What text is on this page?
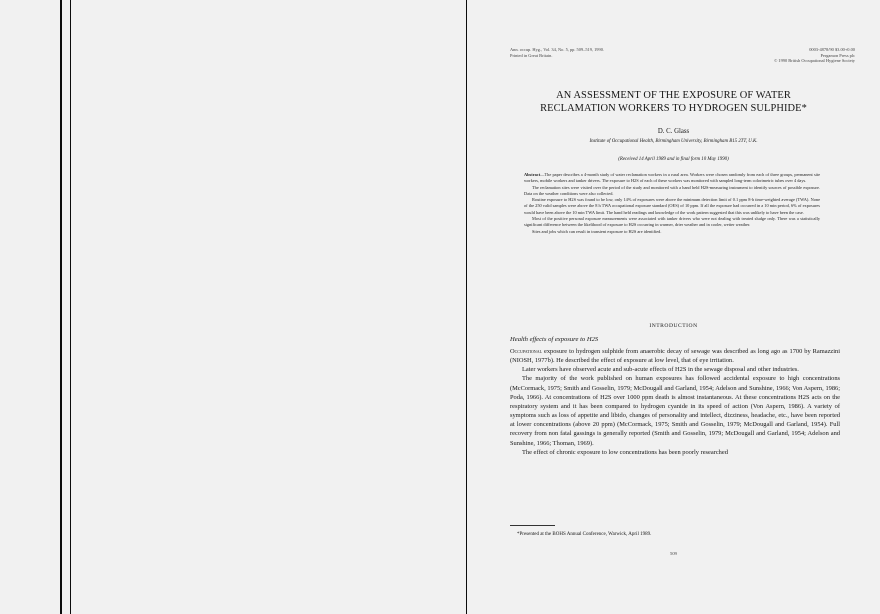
Ann. occup. Hyg., Vol. 34, No. 5, pp. 509–519, 1990.
Printed in Great Britain.
0003-4878/90 $3.00+0.00
Pergamon Press plc
© 1990 British Occupational Hygiene Society
AN ASSESSMENT OF THE EXPOSURE OF WATER
RECLAMATION WORKERS TO HYDROGEN SULPHIDE*
D. C. Glass
Institute of Occupational Health, Birmingham University, Birmingham B15 2TT, U.K.
(Received 14 April 1989 and in final form 10 May 1990)

Abstract—The paper describes a 4-month study of water reclamation workers in a rural area. Workers were chosen randomly from each of three groups, permanent site workers, mobile workers and tanker drivers. The exposure to H2S of each of these workers was monitored with sampled long-term colorimetric tubes over 4 days.

The reclamation sites were visited over the period of the study and monitored with a hand held H2S-measuring instrument to identify sources of possible exposure. Data on the weather conditions were also collected.

Routine exposure to H2S was found to be low, only 14% of exposures were above the minimum detection limit of 0.1 ppm 8-h time-weighted average (TWA). None of the 250 valid samples were above the 8 h TWA occupational exposure standard (OES) of 10 ppm. If all the exposure had occurred in a 10 min period, 6% of exposures would have been above the 10 min TWA limit. The hand held readings and knowledge of the work pattern suggested that this was unlikely to have been the case.

Most of the positive personal exposure measurements were associated with tanker drivers who were not dealing with treated sludge only. There was a statistically significant difference between the likelihood of exposure to H2S occurring in warmer, drier weather and in cooler, wetter weather.

Sites and jobs which can result in transient exposure to H2S are identified.

INTRODUCTION
Health effects of exposure to H2S

Occupational exposure to hydrogen sulphide from anaerobic decay of sewage was described as long ago as 1700 by Ramazzini (NIOSH, 1977b). He described the effect of exposure at low level, that of eye irritation.

Later workers have observed acute and sub-acute effects of H2S in the sewage disposal and other industries.

The majority of the work published on human exposures has followed accidental exposure to high concentrations (McCormack, 1975; Smith and Gosselin, 1979; McDougall and Garland, 1954; Adelson and Sunshine, 1966; Von Aspern, 1986; Poda, 1966). At concentrations of H2S over 1000 ppm death is almost instantaneous. At these concentrations H2S acts on the respiratory system and it has been compared to hydrogen cyanide in its speed of action (Von Aspern, 1986). A variety of symptoms such as loss of appetite and libido, changes of personality and intellect, dizziness, headache, etc., have been reported at lower concentrations (above 20 ppm) (McCormack, 1975; Smith and Gosselin, 1979; McDougall and Garland, 1954). Full recovery from non fatal gassings is generally reported (Smith and Gosselin, 1979; McDougall and Garland, 1954; Adelson and Sunshine, 1966; Thoman, 1969).

The effect of chronic exposure to low concentrations has been poorly researched

*Presented at the BOHS Annual Conference, Warwick, April 1989.
509
